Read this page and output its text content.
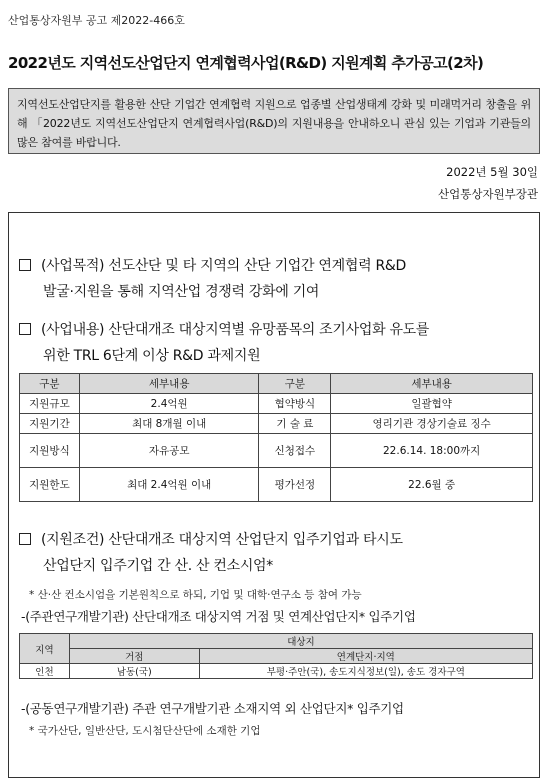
산업통상자원부 공고 제2022-466호
2022년도 지역선도산업단지 연계협력사업(R&D) 지원계획 추가공고(2차)
지역선도산업단지를 활용한 산단 기업간 연계협력 지원으로 업종별 산업생태계 강화 및 미래먹거리 창출을 위해 「2022년도 지역선도산업단지 연계협력사업(R&D)의 지원내용을 안내하오니 관심 있는 기업과 기관들의 많은 참여를 바랍니다.
2022년 5월 30일
산업통상자원부장관
(사업목적) 선도산단 및 타 지역의 산단 기업간 연계협력 R&D
발굴·지원을 통해 지역산업 경쟁력 강화에 기여
(사업내용) 산단대개조 대상지역별 유망품목의 조기사업화 유도를
위한 TRL 6단계 이상 R&D 과제지원
구분	세부내용	구분	세부내용
지원규모	2.4억원	협약방식	일괄협약
지원기간	최대 8개월 이내	기 술 료	영리기관 경상기술료 징수
지원방식	자유공모	신청접수	22.6.14. 18:00까지
지원한도	최대 2.4억원 이내	평가선정	22.6월 중
(지원조건) 산단대개조 대상지역 산업단지 입주기업과 타시도
산업단지 입주기업 간 산. 산 컨소시엄*
* 산·산 컨소시엄을 기본원칙으로 하되, 기업 및 대학·연구소 등 참여 가능
-(주관연구개발기관) 산단대개조 대상지역 거점 및 연계산업단지* 입주기업
지역	대상지	
	거점	연계단지·지역
인천	남동(국)	부평·주안(국), 송도지식정보(일), 송도 경자구역
-(공동연구개발기관) 주관 연구개발기관 소재지역 외 산업단지* 입주기업
* 국가산단, 일반산단, 도시첨단산단에 소재한 기업
